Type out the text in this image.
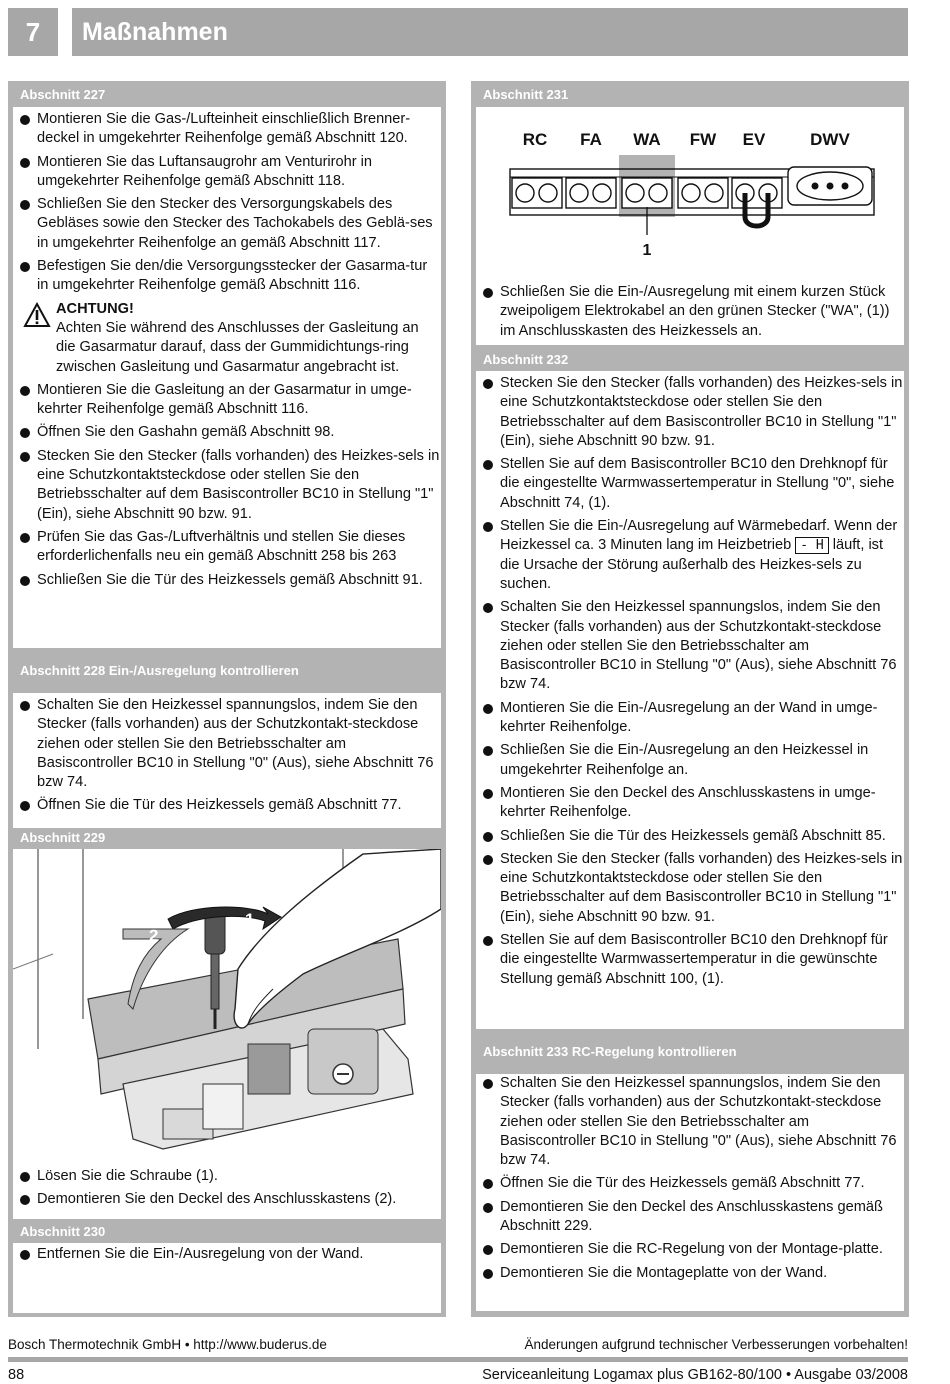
7	Maßnahmen
Abschnitt 227
Montieren Sie die Gas-/Lufteinheit einschließlich Brenner-deckel in umgekehrter Reihenfolge gemäß Abschnitt 120.
Montieren Sie das Luftansaugrohr am Venturirohr in umgekehrter Reihenfolge gemäß Abschnitt 118.
Schließen Sie den Stecker des Versorgungskabels des Gebläses sowie den Stecker des Tachokabels des Geblä-ses in umgekehrter Reihenfolge an gemäß Abschnitt 117.
Befestigen Sie den/die Versorgungsstecker der Gasarma-tur in umgekehrter Reihenfolge gemäß Abschnitt 116.
ACHTUNG!
Achten Sie während des Anschlusses der Gasleitung an die Gasarmatur darauf, dass der Gummidichtungs-ring zwischen Gasleitung und Gasarmatur angebracht ist.
Montieren Sie die Gasleitung an der Gasarmatur in umge-kehrter Reihenfolge gemäß Abschnitt 116.
Öffnen Sie den Gashahn gemäß Abschnitt 98.
Stecken Sie den Stecker (falls vorhanden) des Heizkes-sels in eine Schutzkontaktsteckdose oder stellen Sie den Betriebsschalter auf dem Basiscontroller BC10 in Stellung "1" (Ein), siehe Abschnitt 90 bzw. 91.
Prüfen Sie das Gas-/Luftverhältnis und stellen Sie dieses erforderlichenfalls neu ein gemäß Abschnitt 258 bis 263
Schließen Sie die Tür des Heizkessels gemäß Abschnitt 91.
Abschnitt 228 Ein-/Ausregelung kontrollieren
Schalten Sie den Heizkessel spannungslos, indem Sie den Stecker (falls vorhanden) aus der Schutzkontakt-steckdose ziehen oder stellen Sie den Betriebsschalter am Basiscontroller BC10 in Stellung "0" (Aus), siehe Abschnitt 76 bzw 74.
Öffnen Sie die Tür des Heizkessels gemäß Abschnitt 77.
Abschnitt 229
1
2
Lösen Sie die Schraube (1).
Demontieren Sie den Deckel des Anschlusskastens (2).
Abschnitt 230
Entfernen Sie die Ein-/Ausregelung von der Wand.
Abschnitt 231
RC FA WA FW EV	DWV
1
Schließen Sie die Ein-/Ausregelung mit einem kurzen Stück zweipoligem Elektrokabel an den grünen Stecker ("WA", (1)) im Anschlusskasten des Heizkessels an.
Abschnitt 232
Stecken Sie den Stecker (falls vorhanden) des Heizkes-sels in eine Schutzkontaktsteckdose oder stellen Sie den Betriebsschalter auf dem Basiscontroller BC10 in Stellung "1" (Ein), siehe Abschnitt 90 bzw. 91.
Stellen Sie auf dem Basiscontroller BC10 den Drehknopf für die eingestellte Warmwassertemperatur in Stellung "0", siehe Abschnitt 74, (1).
Stellen Sie die Ein-/Ausregelung auf Wärmebedarf. Wenn der Heizkessel ca. 3 Minuten lang im Heizbetrieb - H läuft, ist die Ursache der Störung außerhalb des Heizkes-sels zu suchen.
Schalten Sie den Heizkessel spannungslos, indem Sie den Stecker (falls vorhanden) aus der Schutzkontakt-steckdose ziehen oder stellen Sie den Betriebsschalter am Basiscontroller BC10 in Stellung "0" (Aus), siehe Abschnitt 76 bzw 74.
Montieren Sie die Ein-/Ausregelung an der Wand in umge-kehrter Reihenfolge.
Schließen Sie die Ein-/Ausregelung an den Heizkessel in umgekehrter Reihenfolge an.
Montieren Sie den Deckel des Anschlusskastens in umge-kehrter Reihenfolge.
Schließen Sie die Tür des Heizkessels gemäß Abschnitt 85.
Stecken Sie den Stecker (falls vorhanden) des Heizkes-sels in eine Schutzkontaktsteckdose oder stellen Sie den Betriebsschalter auf dem Basiscontroller BC10 in Stellung "1" (Ein), siehe Abschnitt 90 bzw. 91.
Stellen Sie auf dem Basiscontroller BC10 den Drehknopf für die eingestellte Warmwassertemperatur in die gewünschte Stellung gemäß Abschnitt 100, (1).
Abschnitt 233 RC-Regelung kontrollieren
Schalten Sie den Heizkessel spannungslos, indem Sie den Stecker (falls vorhanden) aus der Schutzkontakt-steckdose ziehen oder stellen Sie den Betriebsschalter am Basiscontroller BC10 in Stellung "0" (Aus), siehe Abschnitt 76 bzw 74.
Öffnen Sie die Tür des Heizkessels gemäß Abschnitt 77.
Demontieren Sie den Deckel des Anschlusskastens gemäß Abschnitt 229.
Demontieren Sie die RC-Regelung von der Montage-platte.
Demontieren Sie die Montageplatte von der Wand.
Bosch Thermotechnik GmbH • http://www.buderus.de	Änderungen aufgrund technischer Verbesserungen vorbehalten!
88	Serviceanleitung Logamax plus GB162-80/100 • Ausgabe 03/2008
